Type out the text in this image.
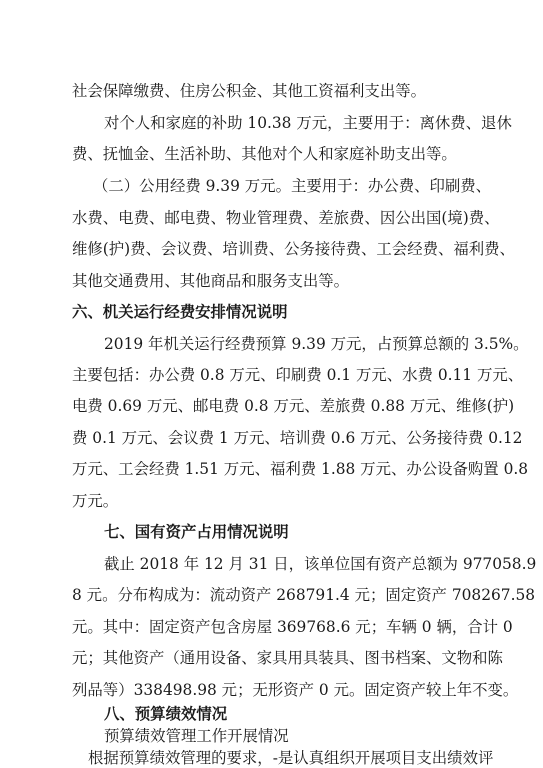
社会保障缴费、住房公积金、其他工资福利支出等。
对个人和家庭的补助 10.38 万元，主要用于：离休费、退休
费、抚恤金、生活补助、其他对个人和家庭补助支出等。
（二）公用经费 9.39 万元。主要用于：办公费、印刷费、
水费、电费、邮电费、物业管理费、差旅费、因公出国(境)费、
维修(护)费、会议费、培训费、公务接待费、工会经费、福利费、
其他交通费用、其他商品和服务支出等。
六、机关运行经费安排情况说明
2019 年机关运行经费预算 9.39 万元，占预算总额的 3.5%。
主要包括：办公费 0.8 万元、印刷费 0.1 万元、水费 0.11 万元、
电费 0.69 万元、邮电费 0.8 万元、差旅费 0.88 万元、维修(护)
费 0.1 万元、会议费 1 万元、培训费 0.6 万元、公务接待费 0.12
万元、工会经费 1.51 万元、福利费 1.88 万元、办公设备购置 0.8
万元。
七、国有资产占用情况说明
截止 2018 年 12 月 31 日，该单位国有资产总额为 977058.9
8 元。分布构成为：流动资产 268791.4 元；固定资产 708267.58
元。其中：固定资产包含房屋 369768.6 元；车辆 0 辆，合计 0
元；其他资产（通用设备、家具用具装具、图书档案、文物和陈
列品等）338498.98 元；无形资产 0 元。固定资产较上年不变。
八、预算绩效情况
预算绩效管理工作开展情况
根据预算绩效管理的要求，-是认真组织开展项目支出绩效评
